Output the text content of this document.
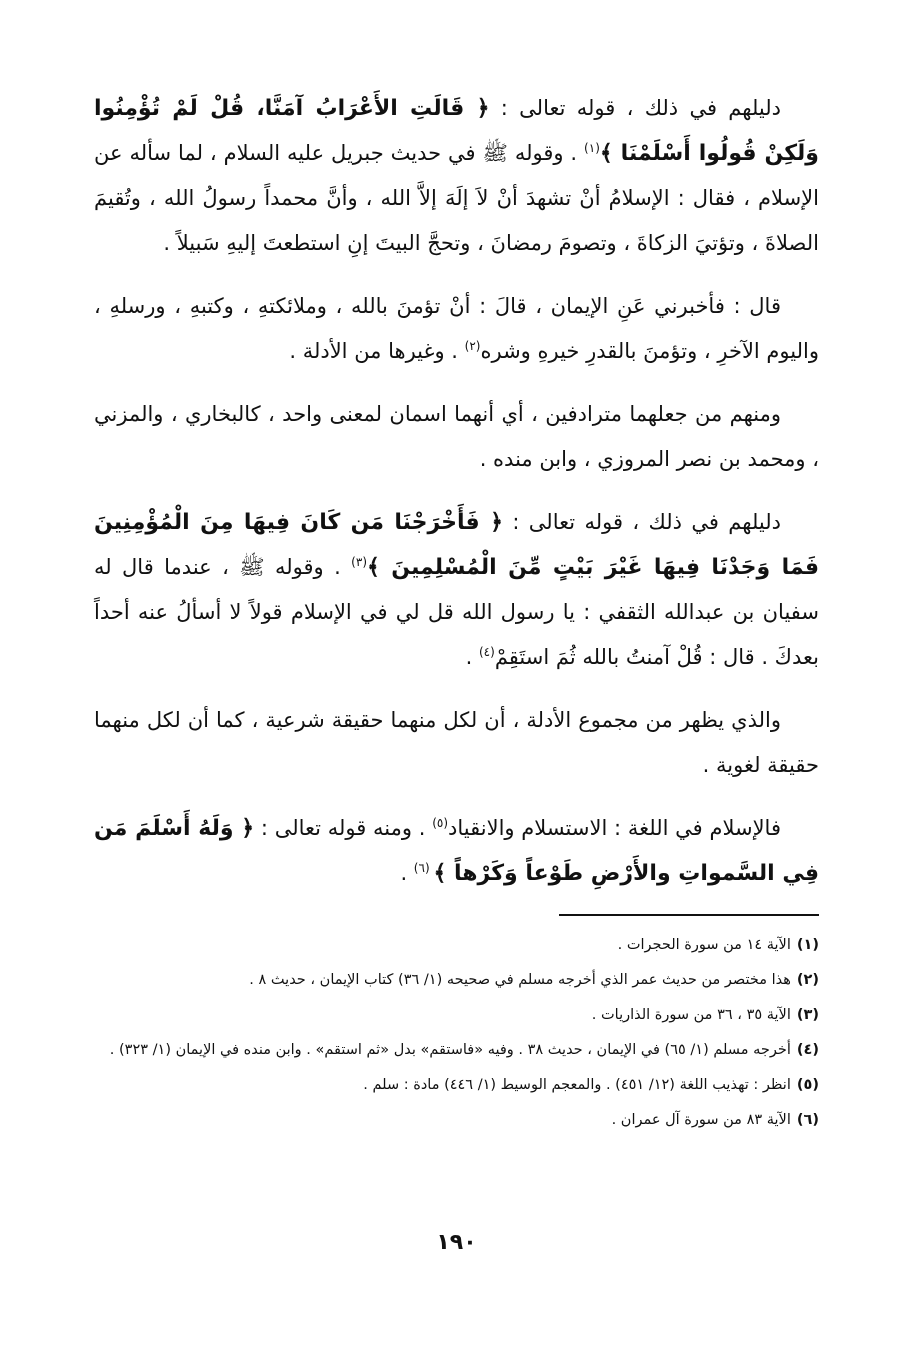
دليلهم في ذلك ، قوله تعالى : ﴿ قَالَتِ الأَعْرَابُ آمَنَّا، قُلْ لَمْ تُؤْمِنُوا وَلَكِنْ قُولُوا أَسْلَمْنَا ﴾$^{(١)}$ . وقوله ﷺ في حديث جبريل عليه السلام ، لما سأله عن الإسلام ، فقال : الإسلامُ أنْ تشهدَ أنْ لاَ إلَهَ إلاَّ الله ، وأنَّ محمداً رسولُ الله ، وتُقيمَ الصلاةَ ، وتؤتيَ الزكاةَ ، وتصومَ رمضانَ ، وتحجَّ البيتَ إنِ استطعتَ إليهِ سَبيلاً .

قال : فأخبرني عَنِ الإيمان ، قالَ : أنْ تؤمنَ بالله ، وملائكتهِ ، وكتبهِ ، ورسلهِ ، واليوم الآخرِ ، وتؤمنَ بالقدرِ خيرهِ وشره$^{(٢)}$ . وغيرها من الأدلة .

ومنهم من جعلهما مترادفين ، أي أنهما اسمان لمعنى واحد ، كالبخاري ، والمزني ، ومحمد بن نصر المروزي ، وابن منده .

دليلهم في ذلك ، قوله تعالى : ﴿ فَأَخْرَجْنَا مَن كَانَ فِيهَا مِنَ الْمُؤْمِنِينَ فَمَا وَجَدْنَا فِيهَا غَيْرَ بَيْتٍ مِّنَ الْمُسْلِمِينَ ﴾$^{(٣)}$ . وقوله ﷺ ، عندما قال له سفيان بن عبدالله الثقفي : يا رسول الله قل لي في الإسلام قولاً لا أسألُ عنه أحداً بعدكَ . قال : قُلْ آمنتُ بالله ثُمَ استَقِمْ$^{(٤)}$ .

والذي يظهر من مجموع الأدلة ، أن لكل منهما حقيقة شرعية ، كما أن لكل منهما حقيقة لغوية .

فالإسلام في اللغة : الاستسلام والانقياد$^{(٥)}$ . ومنه قوله تعالى : ﴿ وَلَهُ أَسْلَمَ مَن فِي السَّمواتِ والأَرْضِ طَوْعاً وَكَرْهاً ﴾ $^{(٦)}$ .

(١)
الآية ١٤ من سورة الحجرات .
(٢)
هذا مختصر من حديث عمر الذي أخرجه مسلم في صحيحه (١/ ٣٦) كتاب الإيمان ، حديث ٨ .
(٣)
الآية ٣٥ ، ٣٦ من سورة الذاريات .
(٤)
أخرجه مسلم (١/ ٦٥) في الإيمان ، حديث ٣٨ . وفيه «فاستقم» بدل «ثم استقم» . وابن منده في الإيمان (١/ ٣٢٣) .
(٥)
انظر : تهذيب اللغة (١٢/ ٤٥١) . والمعجم الوسيط (١/ ٤٤٦) مادة : سلم .
(٦)
الآية ٨٣ من سورة آل عمران .
١٩٠
